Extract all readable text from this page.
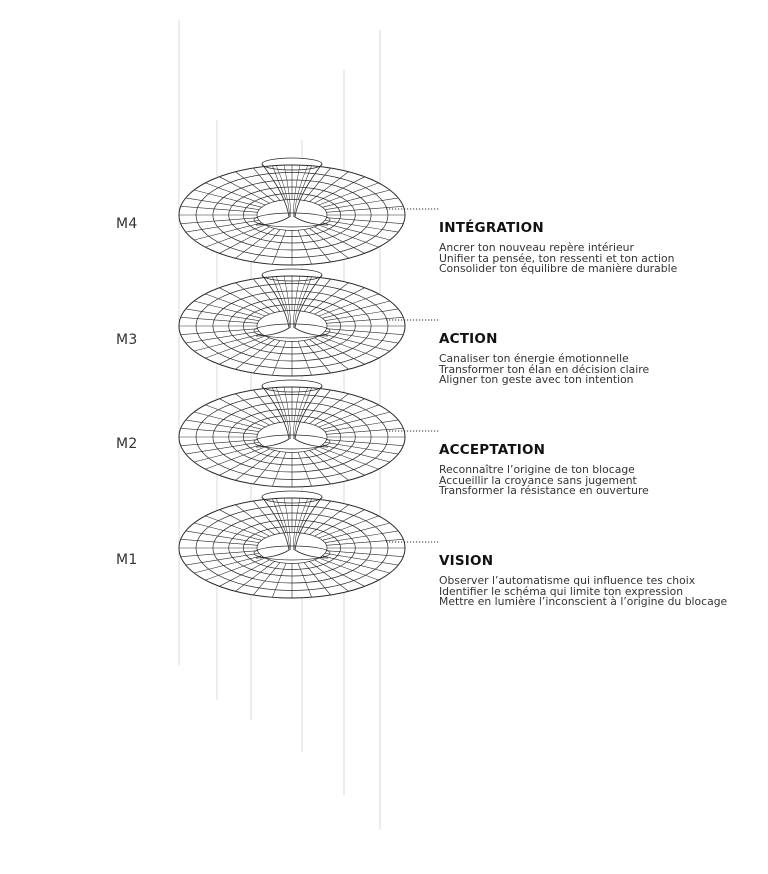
M4
M3
M2
M1
INTÉGRATION
Ancrer ton nouveau repère intérieur
Unifier ta pensée, ton ressenti et ton action
Consolider ton équilibre de manière durable
ACTION
Canaliser ton énergie émotionnelle
Transformer ton élan en décision claire
Aligner ton geste avec ton intention
ACCEPTATION
Reconnaître l’origine de ton blocage
Accueillir la croyance sans jugement
Transformer la résistance en ouverture
VISION
Observer l’automatisme qui influence tes choix
Identifier le schéma qui limite ton expression
Mettre en lumière l’inconscient à l’origine du blocage
